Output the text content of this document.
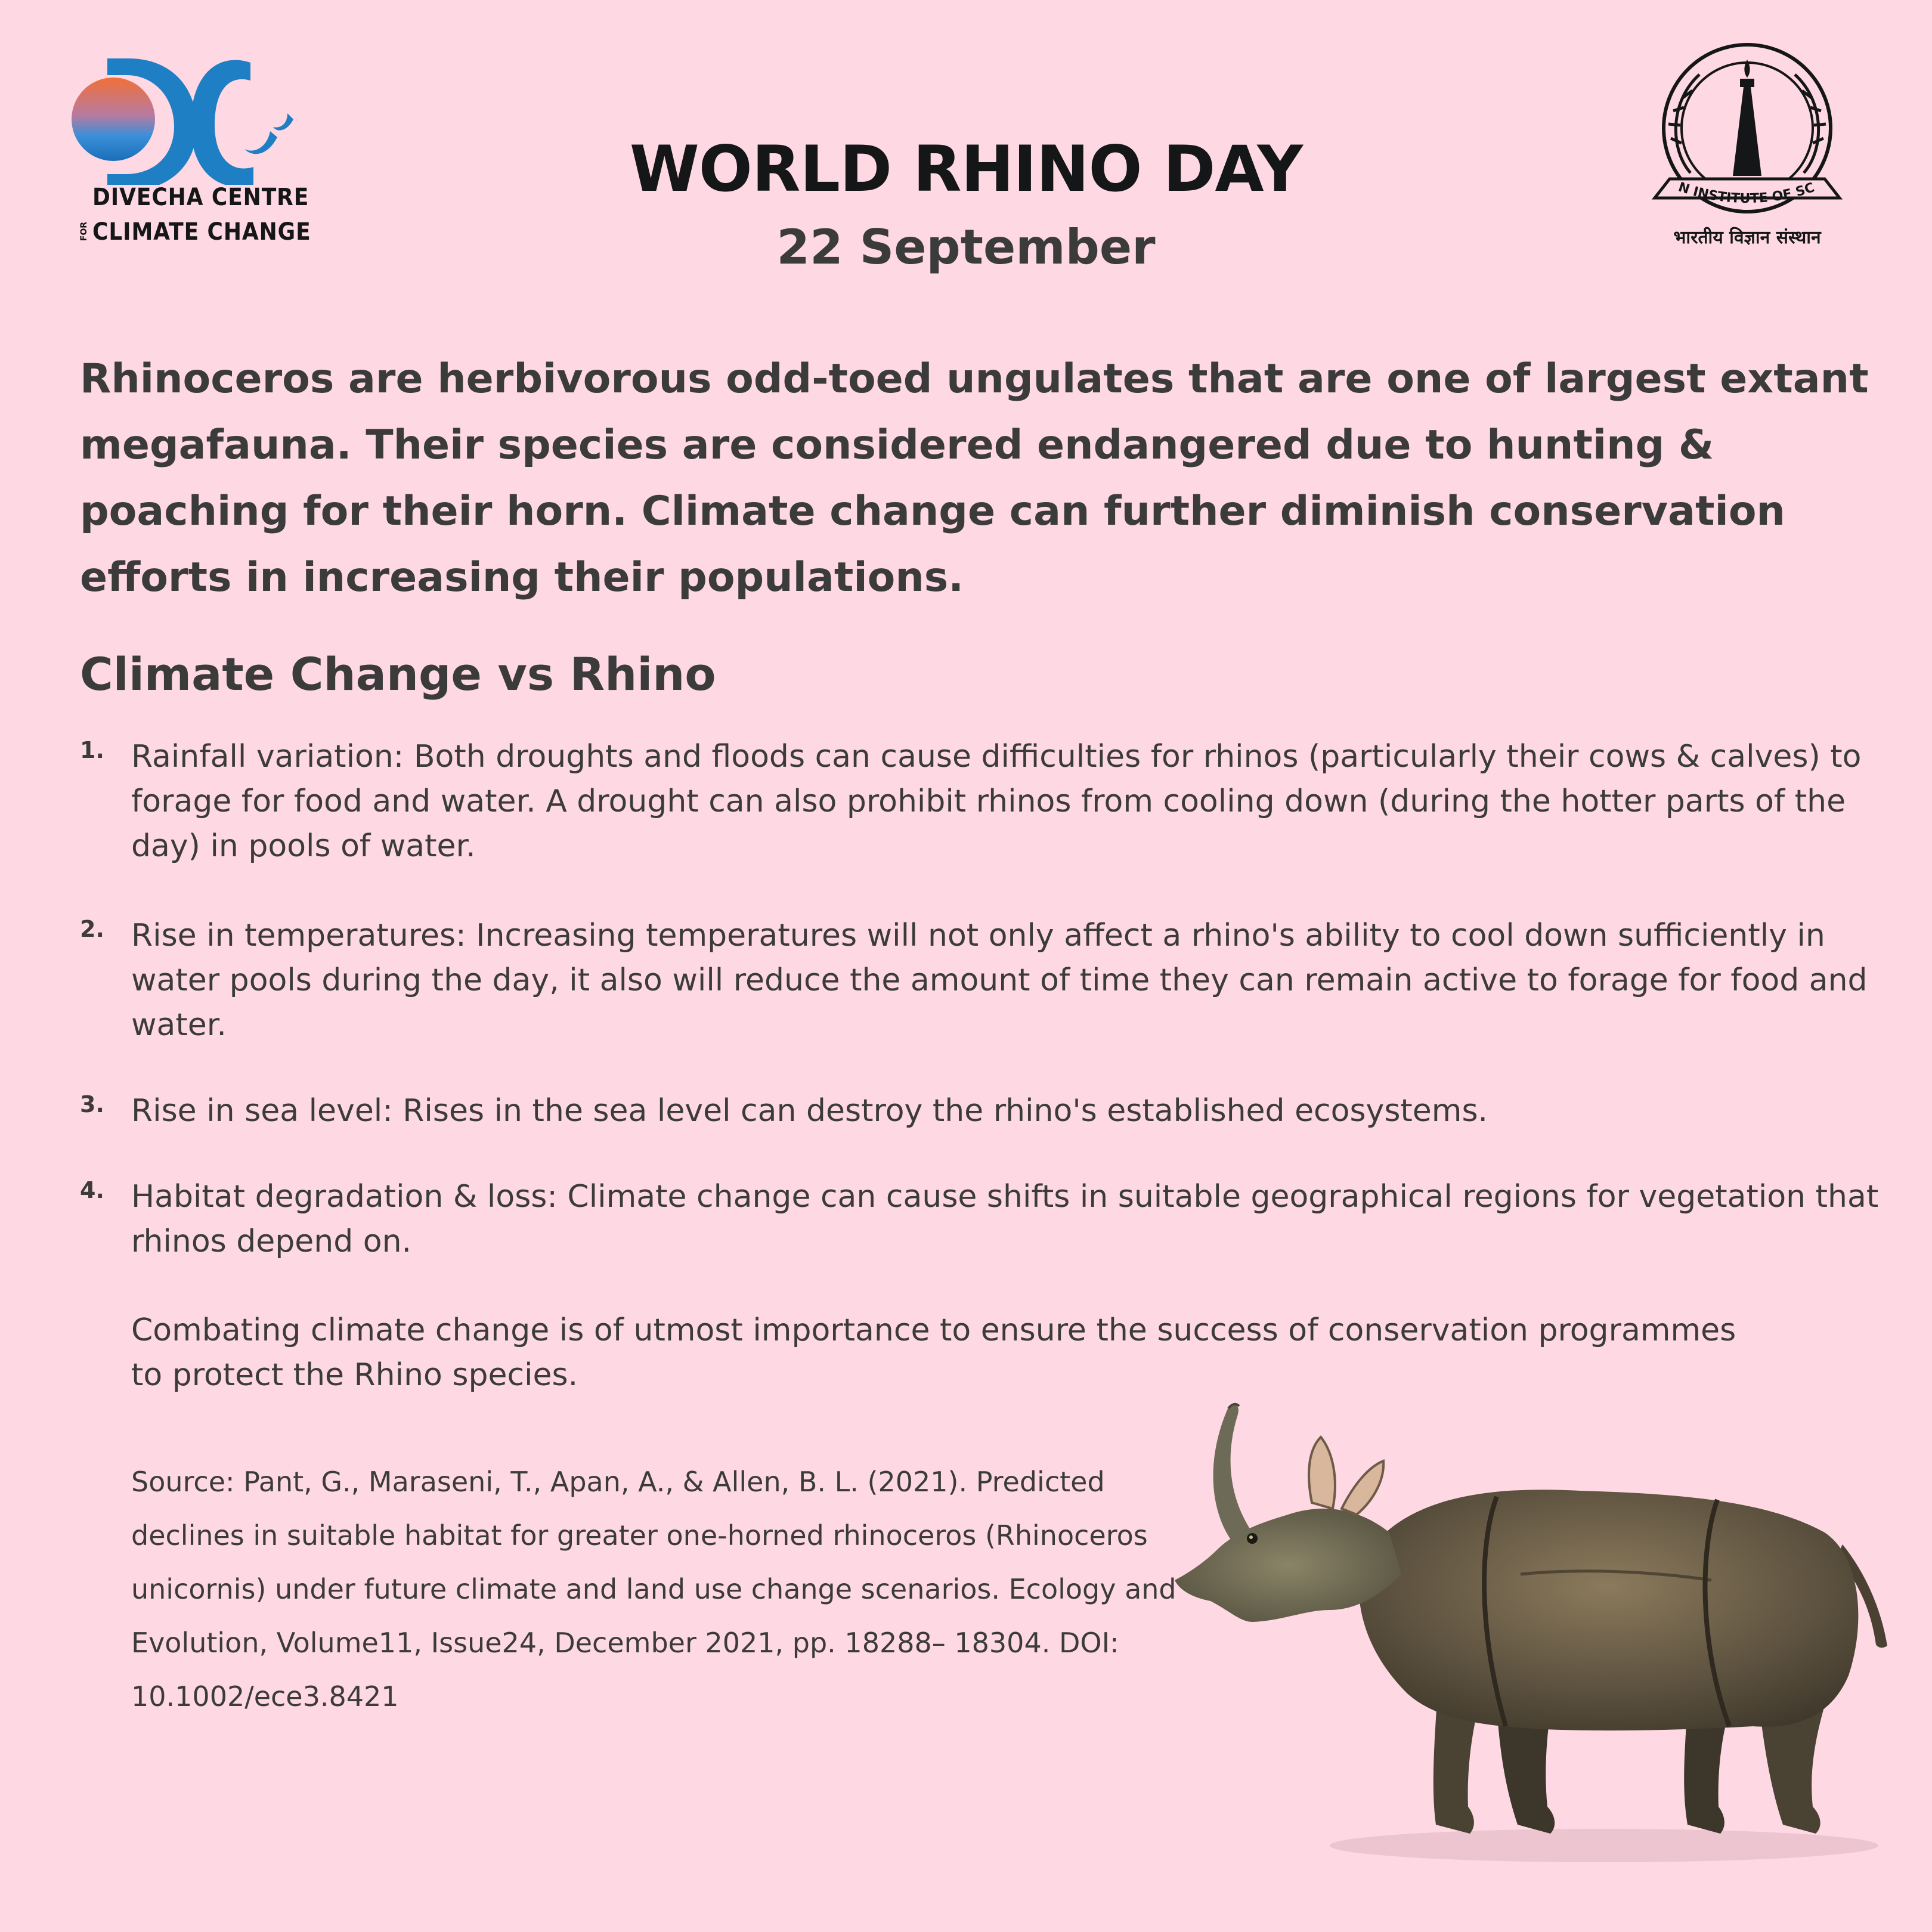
DIVECHA CENTRE
FOR CLIMATE CHANGE
N INSTITUTE OF SC
भारतीय विज्ञान संस्थान
WORLD RHINO DAY
22 September

Rhinoceros are herbivorous odd-toed ungulates that are one of largest extant megafauna. Their species are considered endangered due to hunting & poaching for their horn. Climate change can further diminish conservation efforts in increasing their populations.

Climate Change vs Rhino
1. Rainfall variation: Both droughts and floods can cause difficulties for rhinos (particularly their cows & calves) to forage for food and water. A drought can also prohibit rhinos from cooling down (during the hotter parts of the day) in pools of water.
2. Rise in temperatures: Increasing temperatures will not only affect a rhino's ability to cool down sufficiently in water pools during the day, it also will reduce the amount of time they can remain active to forage for food and water.
3. Rise in sea level: Rises in the sea level can destroy the rhino's established ecosystems.
4. Habitat degradation & loss: Climate change can cause shifts in suitable geographical regions for vegetation that rhinos depend on.

Combating climate change is of utmost importance to ensure the success of conservation programmes to protect the Rhino species.

Source: Pant, G., Maraseni, T., Apan, A., & Allen, B. L. (2021). Predicted declines in suitable habitat for greater one-horned rhinoceros (Rhinoceros unicornis) under future climate and land use change scenarios. Ecology and Evolution, Volume11, Issue24, December 2021, pp. 18288– 18304. DOI: 10.1002/ece3.8421
